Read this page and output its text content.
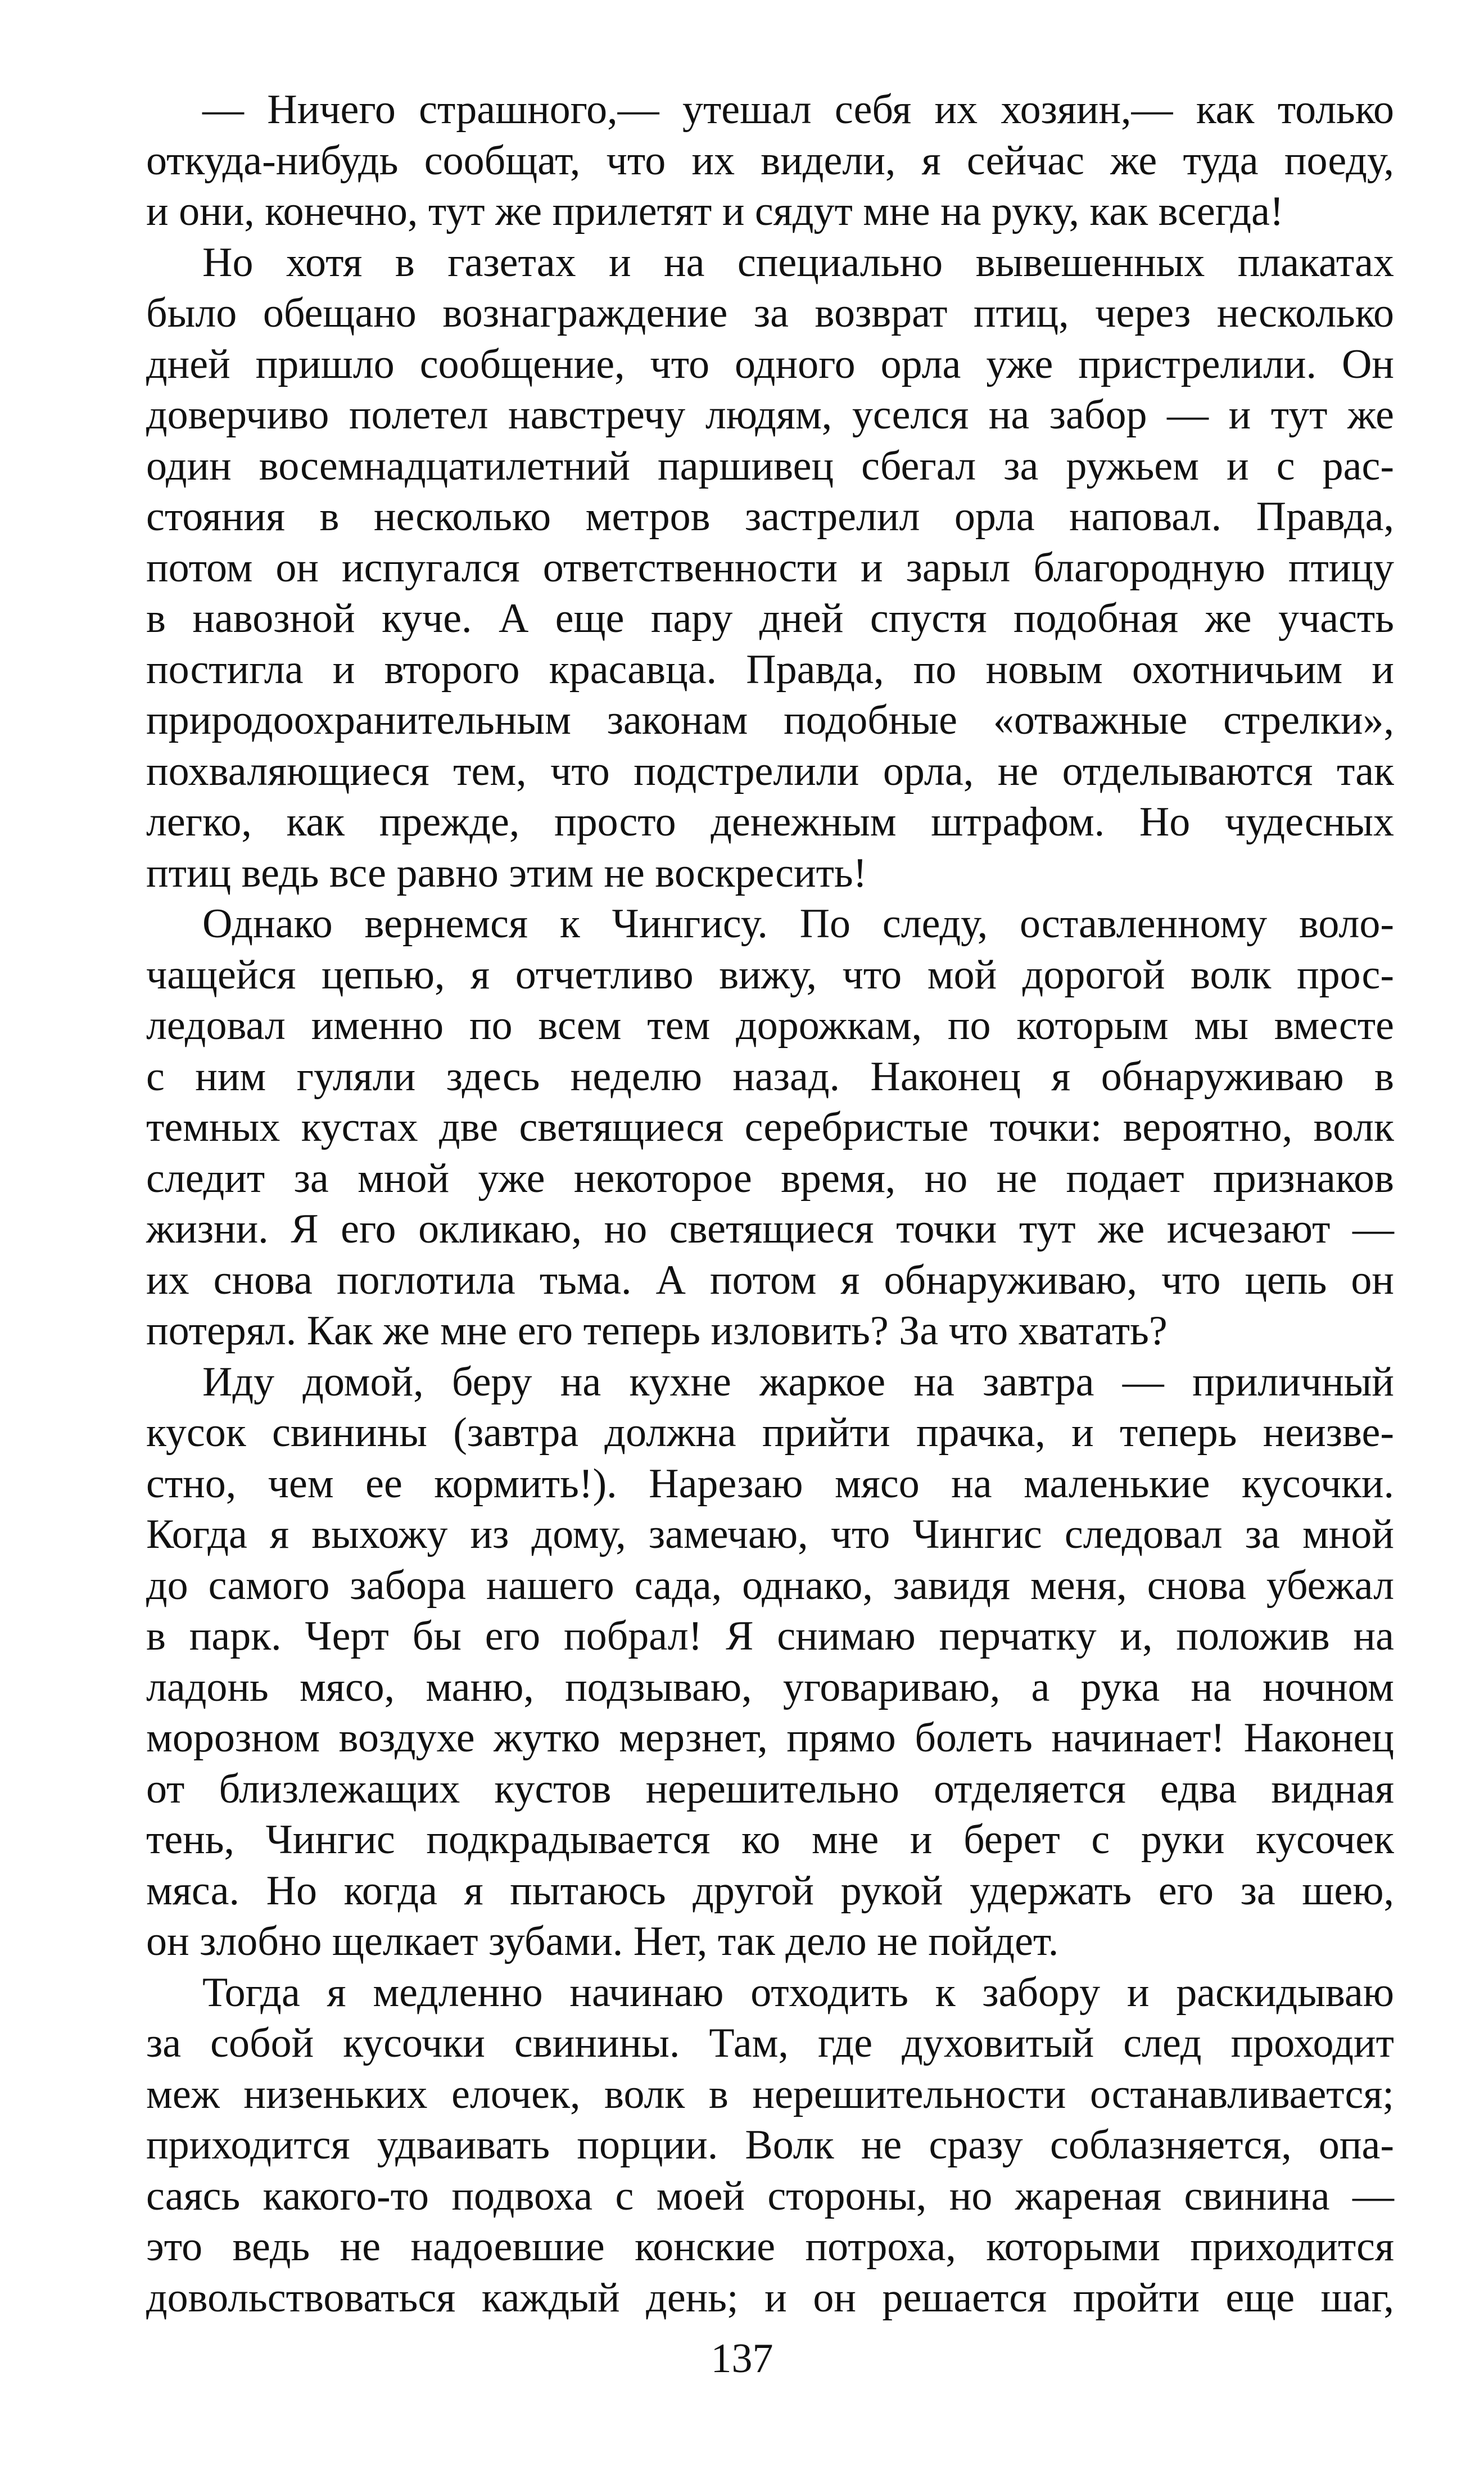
— Ничего страшного,— утешал себя их хозяин,— как только
откуда-нибудь сообщат, что их видели, я сейчас же туда поеду,
и они, конечно, тут же прилетят и сядут мне на руку, как всегда!

Но хотя в газетах и на специально вывешенных плакатах
было обещано вознаграждение за возврат птиц, через несколько
дней пришло сообщение, что одного орла уже пристрелили. Он
доверчиво полетел навстречу людям, уселся на забор — и тут же
один восемнадцатилетний паршивец сбегал за ружьем и с рас-
стояния в несколько метров застрелил орла наповал. Правда,
потом он испугался ответственности и зарыл благородную птицу
в навозной куче. А еще пару дней спустя подобная же участь
постигла и второго красавца. Правда, по новым охотничьим и
природоохранительным законам подобные «отважные стрелки»,
похваляющиеся тем, что подстрелили орла, не отделываются так
легко, как прежде, просто денежным штрафом. Но чудесных
птиц ведь все равно этим не воскресить!

Однако вернемся к Чингису. По следу, оставленному воло-
чащейся цепью, я отчетливо вижу, что мой дорогой волк прос-
ледовал именно по всем тем дорожкам, по которым мы вместе
с ним гуляли здесь неделю назад. Наконец я обнаруживаю в
темных кустах две светящиеся серебристые точки: вероятно, волк
следит за мной уже некоторое время, но не подает признаков
жизни. Я его окликаю, но светящиеся точки тут же исчезают —
их снова поглотила тьма. А потом я обнаруживаю, что цепь он
потерял. Как же мне его теперь изловить? За что хватать?

Иду домой, беру на кухне жаркое на завтра — приличный
кусок свинины (завтра должна прийти прачка, и теперь неизве-
стно, чем ее кормить!). Нарезаю мясо на маленькие кусочки.
Когда я выхожу из дому, замечаю, что Чингис следовал за мной
до самого забора нашего сада, однако, завидя меня, снова убежал
в парк. Черт бы его побрал! Я снимаю перчатку и, положив на
ладонь мясо, маню, подзываю, уговариваю, а рука на ночном
морозном воздухе жутко мерзнет, прямо болеть начинает! Наконец
от близлежащих кустов нерешительно отделяется едва видная
тень, Чингис подкрадывается ко мне и берет с руки кусочек
мяса. Но когда я пытаюсь другой рукой удержать его за шею,
он злобно щелкает зубами. Нет, так дело не пойдет.

Тогда я медленно начинаю отходить к забору и раскидываю
за собой кусочки свинины. Там, где духовитый след проходит
меж низеньких елочек, волк в нерешительности останавливается;
приходится удваивать порции. Волк не сразу соблазняется, опа-
саясь какого-то подвоха с моей стороны, но жареная свинина —
это ведь не надоевшие конские потроха, которыми приходится
довольствоваться каждый день; и он решается пройти еще шаг,

137
